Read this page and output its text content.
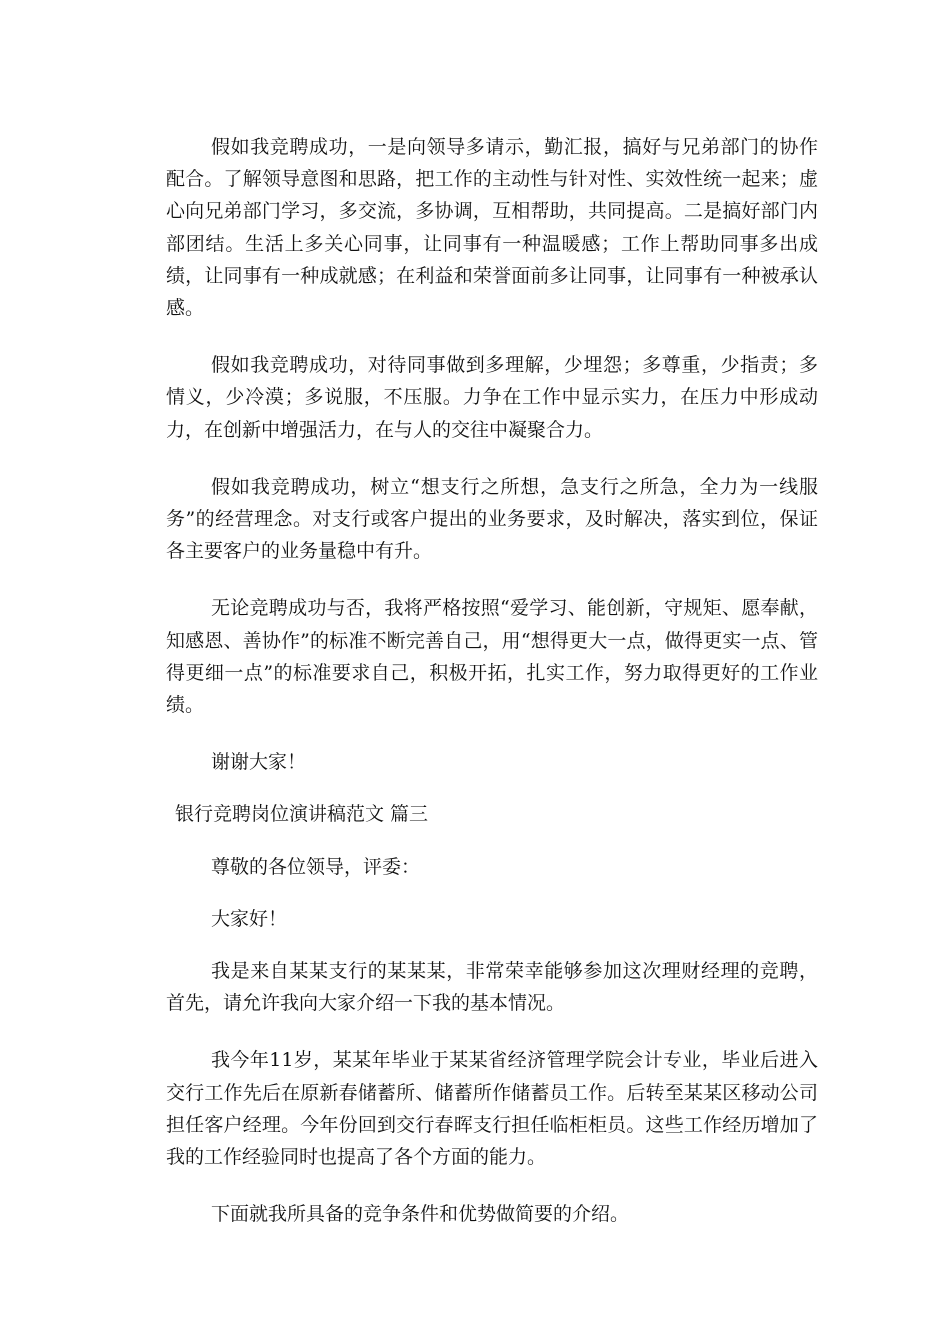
假如我竞聘成功，一是向领导多请示，勤汇报，搞好与兄弟部门的协作配合。了解领导意图和思路，把工作的主动性与针对性、实效性统一起来；虚心向兄弟部门学习，多交流，多协调，互相帮助，共同提高。二是搞好部门内部团结。生活上多关心同事，让同事有一种温暖感；工作上帮助同事多出成绩，让同事有一种成就感；在利益和荣誉面前多让同事，让同事有一种被承认感。

假如我竞聘成功，对待同事做到多理解，少埋怨；多尊重，少指责；多情义，少冷漠；多说服，不压服。力争在工作中显示实力，在压力中形成动力，在创新中增强活力，在与人的交往中凝聚合力。

假如我竞聘成功，树立“想支行之所想，急支行之所急，全力为一线服务”的经营理念。对支行或客户提出的业务要求，及时解决，落实到位，保证各主要客户的业务量稳中有升。

无论竞聘成功与否，我将严格按照“爱学习、能创新，守规矩、愿奉献，知感恩、善协作”的标准不断完善自己，用“想得更大一点，做得更实一点、管得更细一点”的标准要求自己，积极开拓，扎实工作，努力取得更好的工作业绩。

谢谢大家！

银行竞聘岗位演讲稿范文 篇三

尊敬的各位领导，评委：

大家好！

我是来自某某支行的某某某，非常荣幸能够参加这次理财经理的竞聘，首先，请允许我向大家介绍一下我的基本情况。

我今年11岁，某某年毕业于某某省经济管理学院会计专业，毕业后进入交行工作先后在原新春储蓄所、储蓄所作储蓄员工作。后转至某某区移动公司担任客户经理。今年份回到交行春晖支行担任临柜柜员。这些工作经历增加了我的工作经验同时也提高了各个方面的能力。

下面就我所具备的竞争条件和优势做简要的介绍。
